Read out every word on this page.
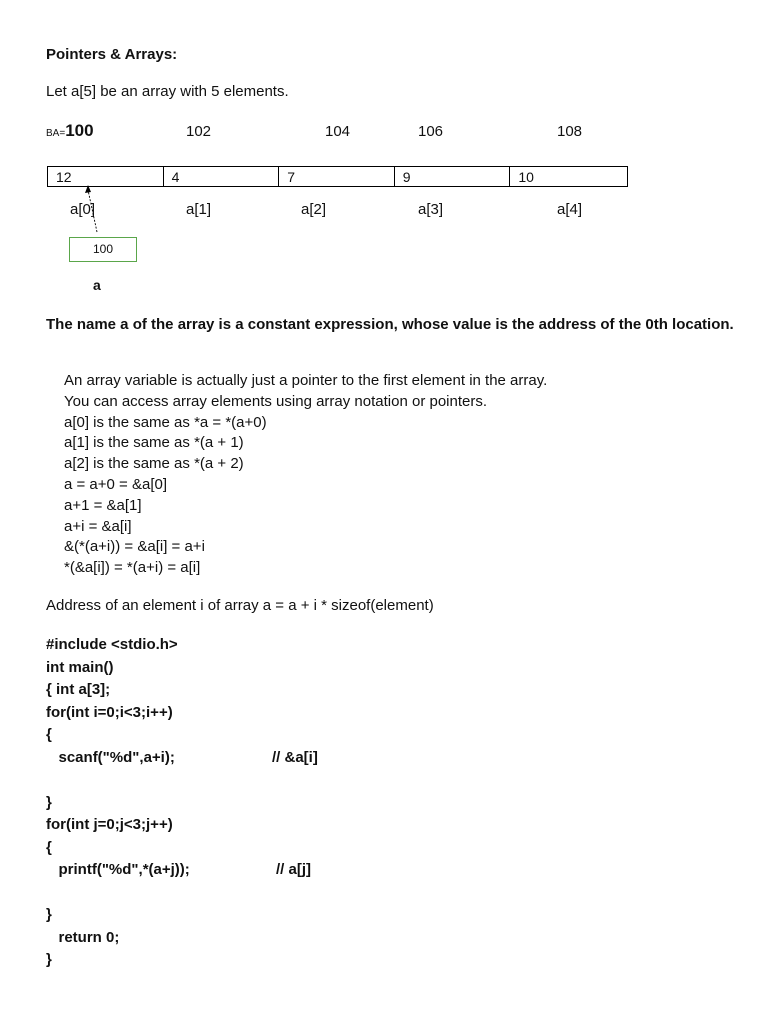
Pointers & Arrays:
Let a[5] be an array with 5 elements.
BA=100	102	104	106	108
12	4	7	9	10
a[0]	a[1]	a[2]	a[3]	a[4]
100
a
The name a of the array is a constant expression, whose value is the address of the 0th location.
An array variable is actually just a pointer to the first element in the array.
You can access array elements using array notation or pointers.
a[0] is the same as *a = *(a+0)
a[1] is the same as *(a + 1)
a[2] is the same as *(a + 2)
a = a+0 = &a[0]
a+1 = &a[1]
a+i = &a[i]
&(*(a+i)) = &a[i] = a+i
*(&a[i]) = *(a+i) = a[i]
Address of an element i of array a = a + i * sizeof(element)
#include <stdio.h>
int main()
{ int a[3];
for(int i=0;i<3;i++)
{
scanf("%d",a+i);	// &a[i]
}
for(int j=0;j<3;j++)
{
printf("%d",*(a+j));	// a[j]
}
return 0;
}
